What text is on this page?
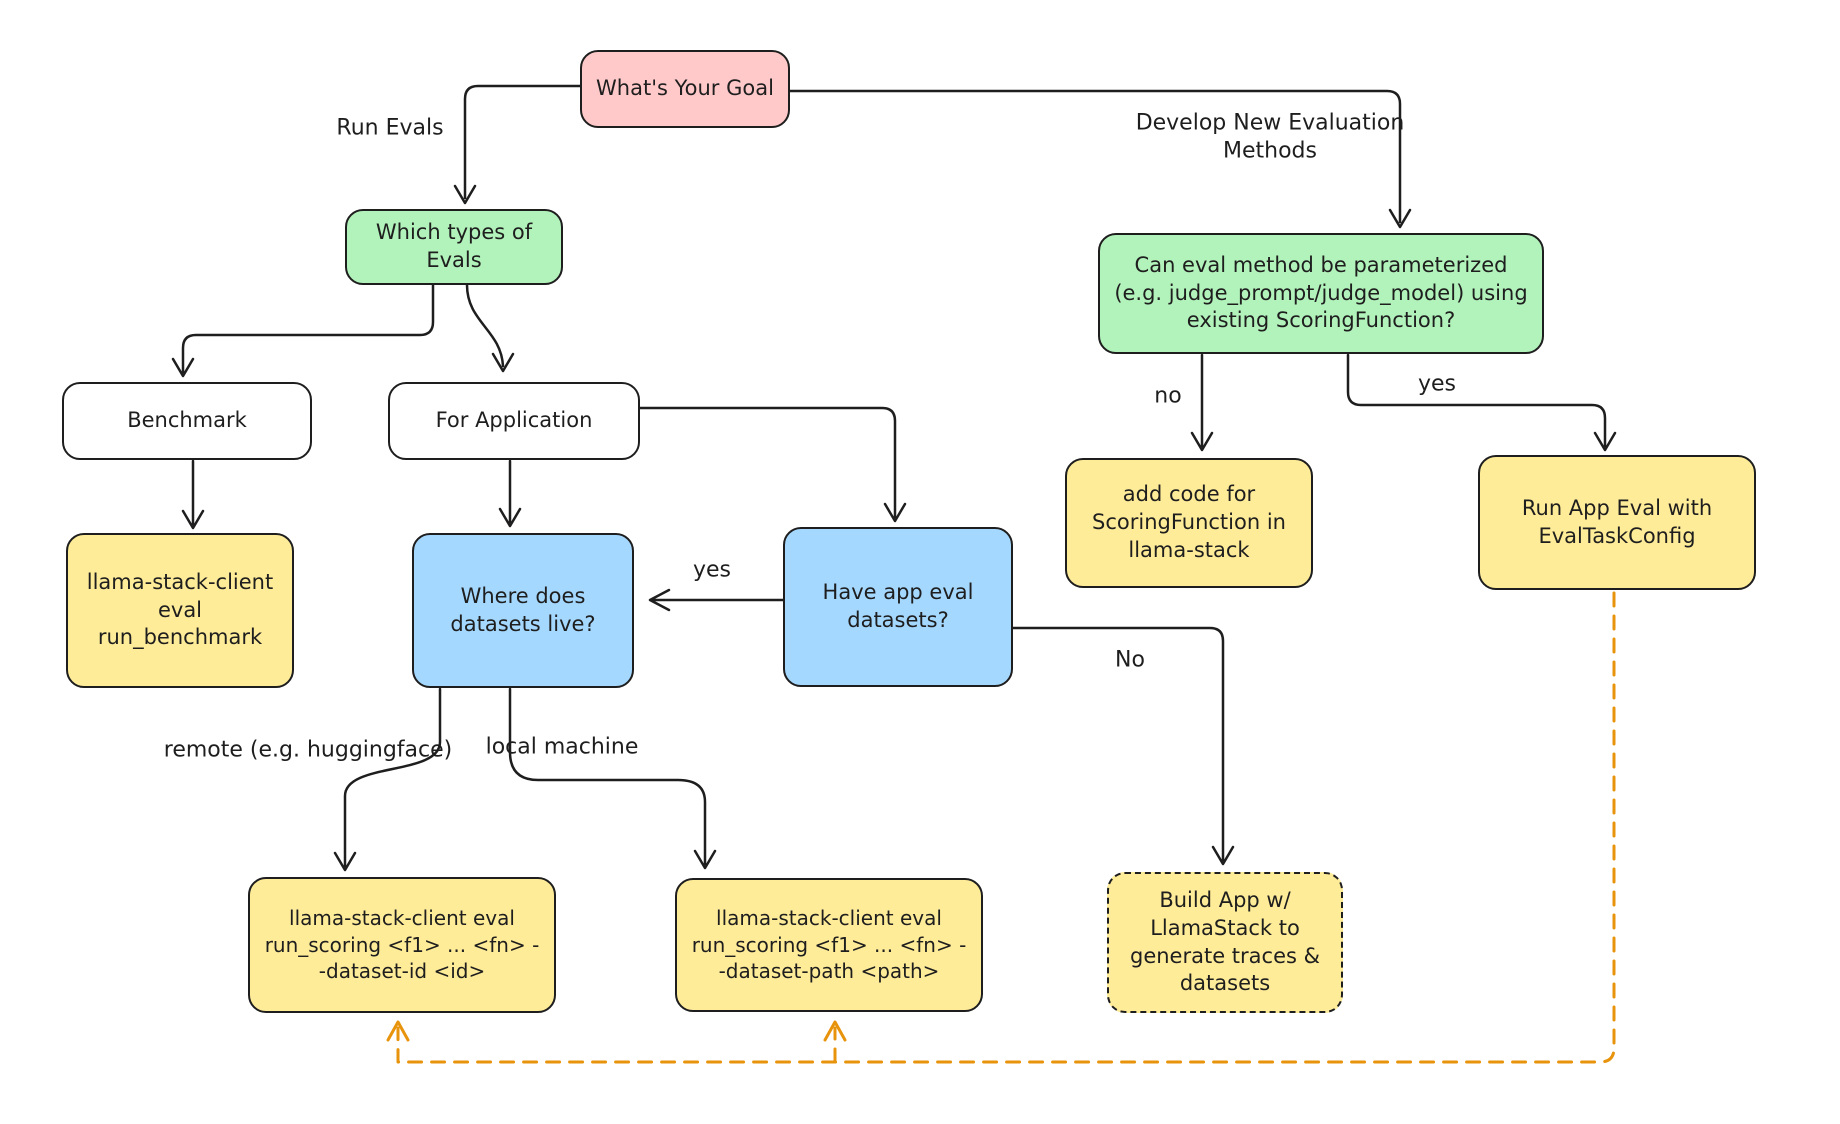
What's Your Goal
Which types of Evals	Can eval method be parameterized (e.g. judge_prompt/judge_model) using existing ScoringFunction?
Benchmark	For Application
llama-stack-client eval run_benchmark
Where does datasets live?
Have app eval datasets?
add code for ScoringFunction in llama-stack
Run App Eval with EvalTaskConfig
llama-stack-client eval run_scoring <f1> ... <fn> --dataset-id <id>
llama-stack-client eval run_scoring <f1> ... <fn> --dataset-path <path>
Build App w/ LlamaStack to generate traces & datasets
Run Evals	Develop New Evaluation Methods
yes
no	yes
No
remote (e.g. huggingface) local machine
